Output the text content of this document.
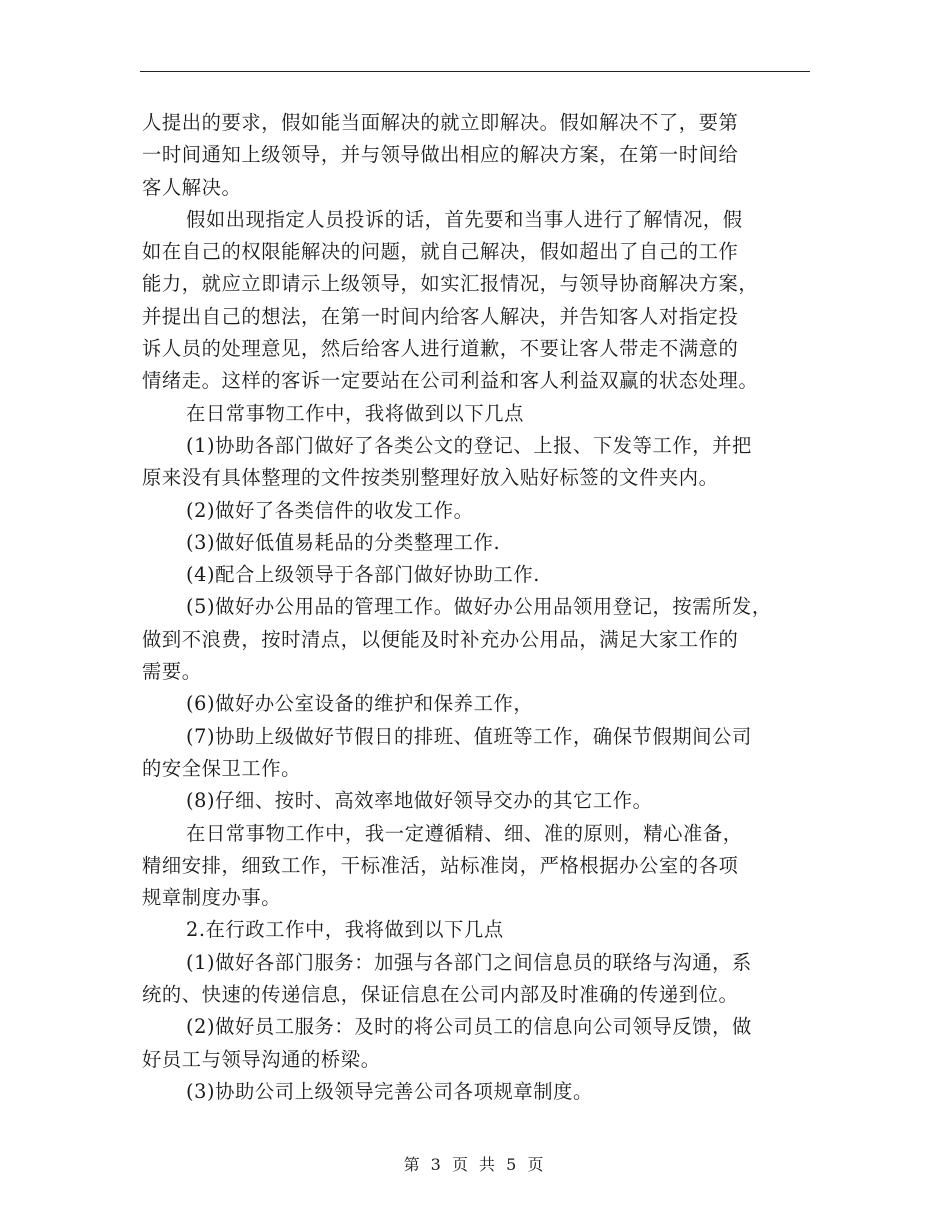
人提出的要求，假如能当面解决的就立即解决。假如解决不了，要第
一时间通知上级领导，并与领导做出相应的解决方案，在第一时间给
客人解决。
假如出现指定人员投诉的话，首先要和当事人进行了解情况，假
如在自己的权限能解决的问题，就自己解决，假如超出了自己的工作
能力，就应立即请示上级领导，如实汇报情况，与领导协商解决方案，
并提出自己的想法，在第一时间内给客人解决，并告知客人对指定投
诉人员的处理意见，然后给客人进行道歉，不要让客人带走不满意的
情绪走。这样的客诉一定要站在公司利益和客人利益双赢的状态处理。
在日常事物工作中，我将做到以下几点
(1)协助各部门做好了各类公文的登记、上报、下发等工作，并把
原来没有具体整理的文件按类别整理好放入贴好标签的文件夹内。
(2)做好了各类信件的收发工作。
(3)做好低值易耗品的分类整理工作.
(4)配合上级领导于各部门做好协助工作.
(5)做好办公用品的管理工作。做好办公用品领用登记，按需所发，
做到不浪费，按时清点，以便能及时补充办公用品，满足大家工作的
需要。
(6)做好办公室设备的维护和保养工作，
(7)协助上级做好节假日的排班、值班等工作，确保节假期间公司
的安全保卫工作。
(8)仔细、按时、高效率地做好领导交办的其它工作。
在日常事物工作中，我一定遵循精、细、准的原则，精心准备，
精细安排，细致工作，干标准活，站标准岗，严格根据办公室的各项
规章制度办事。
2.在行政工作中，我将做到以下几点
(1)做好各部门服务：加强与各部门之间信息员的联络与沟通，系
统的、快速的传递信息，保证信息在公司内部及时准确的传递到位。
(2)做好员工服务：及时的将公司员工的信息向公司领导反馈，做
好员工与领导沟通的桥梁。
(3)协助公司上级领导完善公司各项规章制度。
第 3 页 共 5 页
